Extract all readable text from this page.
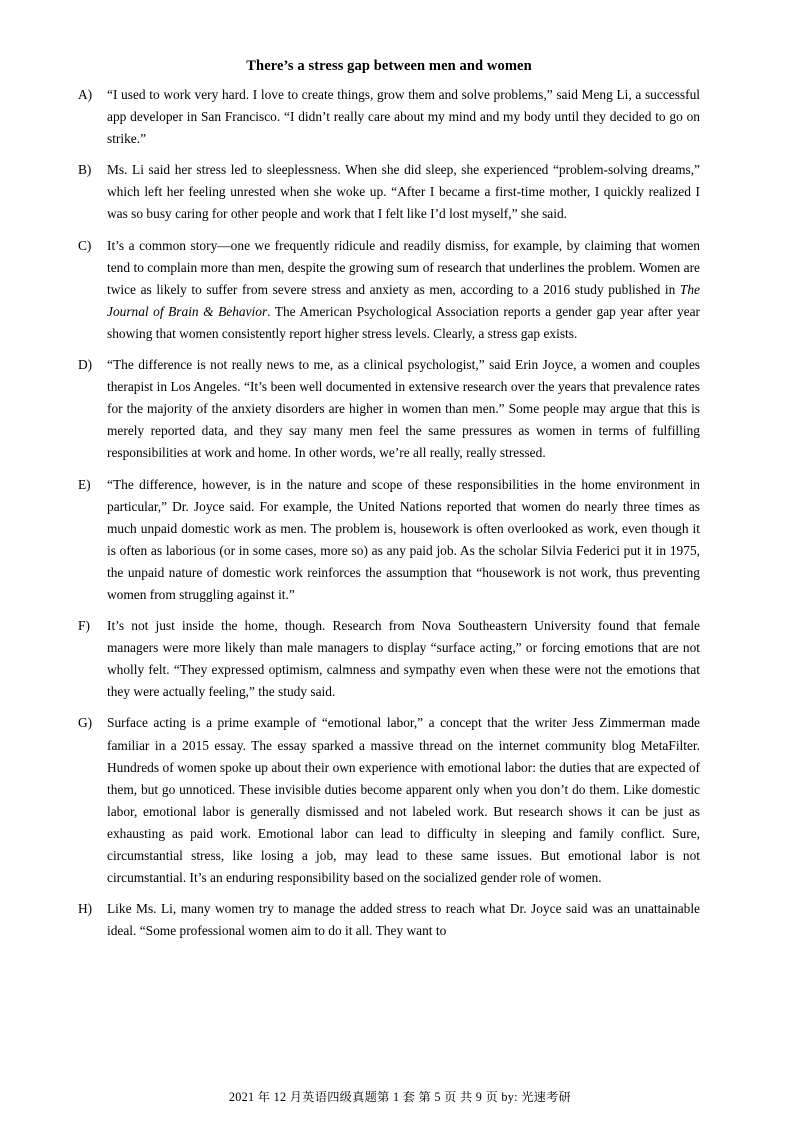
There’s a stress gap between men and women
A)	“I used to work very hard. I love to create things, grow them and solve problems,” said Meng Li, a successful app developer in San Francisco. “I didn’t really care about my mind and my body until they decided to go on strike.”
B)	Ms. Li said her stress led to sleeplessness. When she did sleep, she experienced “problem-solving dreams,” which left her feeling unrested when she woke up. “After I became a first-time mother, I quickly realized I was so busy caring for other people and work that I felt like I’d lost myself,” she said.
C)	It’s a common story—one we frequently ridicule and readily dismiss, for example, by claiming that women tend to complain more than men, despite the growing sum of research that underlines the problem. Women are twice as likely to suffer from severe stress and anxiety as men, according to a 2016 study published in The Journal of Brain & Behavior. The American Psychological Association reports a gender gap year after year showing that women consistently report higher stress levels. Clearly, a stress gap exists.
D)	“The difference is not really news to me, as a clinical psychologist,” said Erin Joyce, a women and couples therapist in Los Angeles. “It’s been well documented in extensive research over the years that prevalence rates for the majority of the anxiety disorders are higher in women than men.” Some people may argue that this is merely reported data, and they say many men feel the same pressures as women in terms of fulfilling responsibilities at work and home. In other words, we’re all really, really stressed.
E)	“The difference, however, is in the nature and scope of these responsibilities in the home environment in particular,” Dr. Joyce said. For example, the United Nations reported that women do nearly three times as much unpaid domestic work as men. The problem is, housework is often overlooked as work, even though it is often as laborious (or in some cases, more so) as any paid job. As the scholar Silvia Federici put it in 1975, the unpaid nature of domestic work reinforces the assumption that “housework is not work, thus preventing women from struggling against it.”
F)	It’s not just inside the home, though. Research from Nova Southeastern University found that female managers were more likely than male managers to display “surface acting,” or forcing emotions that are not wholly felt. “They expressed optimism, calmness and sympathy even when these were not the emotions that they were actually feeling,” the study said.
G)	Surface acting is a prime example of “emotional labor,” a concept that the writer Jess Zimmerman made familiar in a 2015 essay. The essay sparked a massive thread on the internet community blog MetaFilter. Hundreds of women spoke up about their own experience with emotional labor: the duties that are expected of them, but go unnoticed. These invisible duties become apparent only when you don’t do them. Like domestic labor, emotional labor is generally dismissed and not labeled work. But research shows it can be just as exhausting as paid work. Emotional labor can lead to difficulty in sleeping and family conflict. Sure, circumstantial stress, like losing a job, may lead to these same issues. But emotional labor is not circumstantial. It’s an enduring responsibility based on the socialized gender role of women.
H)	Like Ms. Li, many women try to manage the added stress to reach what Dr. Joyce said was an unattainable ideal. “Some professional women aim to do it all. They want to
2021 年 12 月英语四级真题第 1 套 第 5 页 共 9 页 by: 光速考研
